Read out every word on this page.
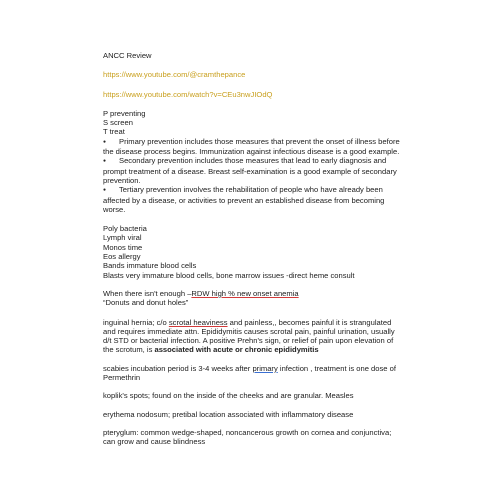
ANCC Review

https://www.youtube.com/@cramthepance

https://www.youtube.com/watch?v=CEu3nwJIOdQ

P preventing
S screen
T treat
● Primary prevention includes those measures that prevent the onset of illness before the disease process begins. Immunization against infectious disease is a good example.
● Secondary prevention includes those measures that lead to early diagnosis and prompt treatment of a disease. Breast self-examination is a good example of secondary prevention.
● Tertiary prevention involves the rehabilitation of people who have already been affected by a disease, or activities to prevent an established disease from becoming worse.
Poly bacteria
Lymph viral
Monos time
Eos allergy
Bands immature blood cells
Blasts very immature blood cells, bone marrow issues -direct heme consult
When there isn't enough –RDW high % new onset anemia
“Donuts and donut holes”

inguinal hernia; c/o scrotal heaviness and painless,, becomes painful it is strangulated and requires immediate attn. Epididymitis causes scrotal pain, painful urination, usually d/t STD or bacterial infection. A positive Prehn's sign, or relief of pain upon elevation of the scrotum, is associated with acute or chronic epididymitis

scabies incubation period is 3-4 weeks after primary infection , treatment is one dose of Permethrin

koplik's spots; found on the inside of the cheeks and are granular. Measles

erythema nodosum; pretibal location associated with inflammatory disease

pteryglum: common wedge-shaped, noncancerous growth on cornea and conjunctiva; can grow and cause blindness
